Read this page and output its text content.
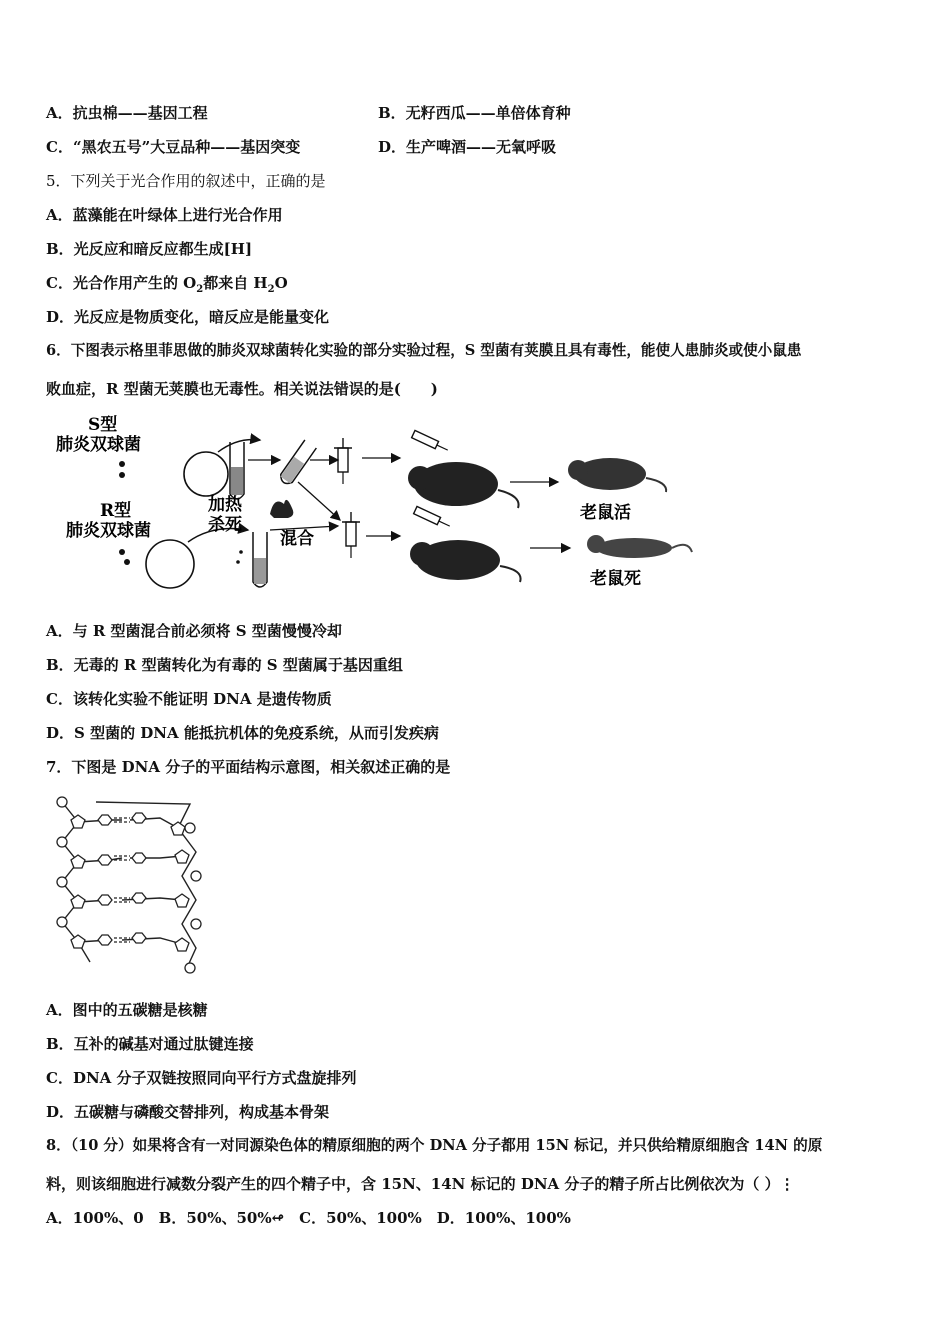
A．抗虫棉——基因工程	B．无籽西瓜——单倍体育种
C．“黑农五号”大豆品种——基因突变	D．生产啤酒——无氧呼吸
5．下列关于光合作用的叙述中，正确的是
A．蓝藻能在叶绿体上进行光合作用
B．光反应和暗反应都生成[H]
C．光合作用产生的 $O_2$都来自 $H_2O$
D．光反应是物质变化，暗反应是能量变化
6．下图表示格里菲思做的肺炎双球菌转化实验的部分实验过程，S 型菌有荚膜且具有毒性，能使人患肺炎或使小鼠患
败血症，R 型菌无荚膜也无毒性。相关说法错误的是(　　)
S型
肺炎双球菌
R型
肺炎双球菌
加热
杀死
混合
老鼠活
老鼠死
A．与 R 型菌混合前必须将 S 型菌慢慢冷却
B．无毒的 R 型菌转化为有毒的 S 型菌属于基因重组
C．该转化实验不能证明 DNA 是遗传物质
D．S 型菌的 DNA 能抵抗机体的免疫系统，从而引发疾病
7．下图是 DNA 分子的平面结构示意图，相关叙述正确的是
A．图中的五碳糖是核糖
B．互补的碱基对通过肽键连接
C．DNA 分子双链按照同向平行方式盘旋排列
D．五碳糖与磷酸交替排列，构成基本骨架
8．（10 分）如果将含有一对同源染色体的精原细胞的两个 DNA 分子都用 15N 标记，并只供给精原细胞含 14N 的原
料，则该细胞进行减数分裂产生的四个精子中，含 15N、14N 标记的 DNA 分子的精子所占比例依次为（ ）⋮
A．100%、0　B．50%、50%↫　C．50%、100%　D．100%、100%
